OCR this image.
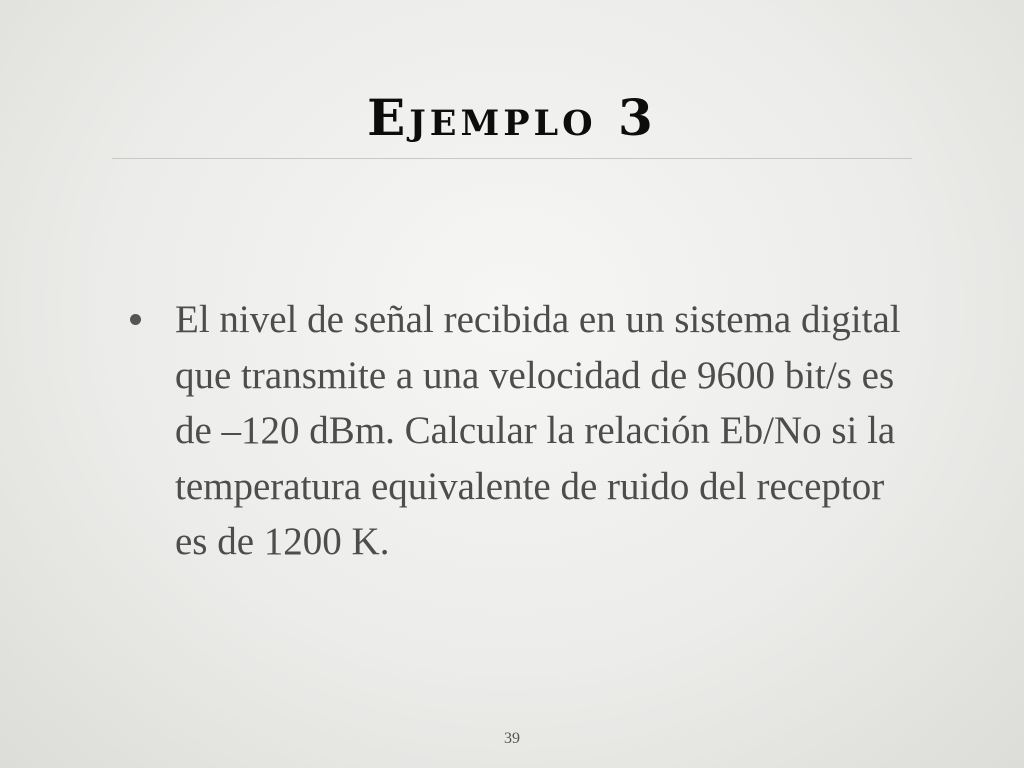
Ejemplo 3
El nivel de señal recibida en un sistema digital que transmite a una velocidad de 9600 bit/s es de –120 dBm. Calcular la relación Eb/No si la temperatura equivalente de ruido del receptor es de 1200 K.
39
